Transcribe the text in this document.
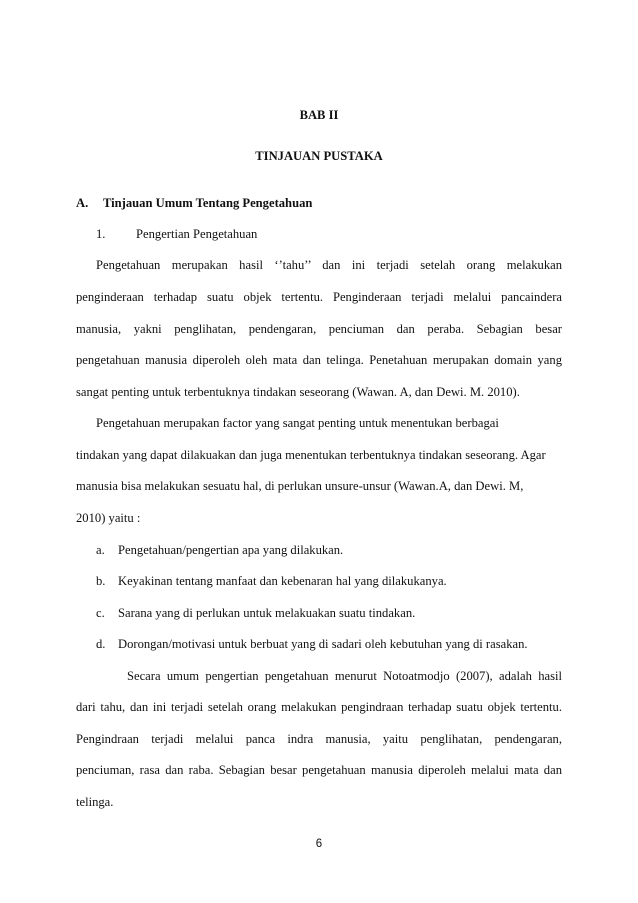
BAB II
TINJAUAN PUSTAKA
A. Tinjauan Umum Tentang Pengetahuan
1. Pengertian Pengetahuan
Pengetahuan merupakan hasil ‘’tahu’’ dan ini terjadi setelah orang melakukan
penginderaan terhadap suatu objek tertentu. Penginderaan terjadi melalui pancaindera
manusia, yakni penglihatan, pendengaran, penciuman dan peraba. Sebagian besar
pengetahuan manusia diperoleh oleh mata dan telinga. Penetahuan merupakan domain yang
sangat penting untuk terbentuknya tindakan seseorang (Wawan. A, dan Dewi. M. 2010).
Pengetahuan merupakan factor yang sangat penting untuk menentukan berbagai
tindakan yang dapat dilakuakan dan juga menentukan terbentuknya tindakan seseorang. Agar
manusia bisa melakukan sesuatu hal, di perlukan unsure-unsur (Wawan.A, dan Dewi. M,
2010) yaitu :
a. Pengetahuan/pengertian apa yang dilakukan.
b. Keyakinan tentang manfaat dan kebenaran hal yang dilakukanya.
c. Sarana yang di perlukan untuk melakuakan suatu tindakan.
d. Dorongan/motivasi untuk berbuat yang di sadari oleh kebutuhan yang di rasakan.
Secara umum pengertian pengetahuan menurut Notoatmodjo (2007), adalah hasil
dari tahu, dan ini terjadi setelah orang melakukan pengindraan terhadap suatu objek tertentu.
Pengindraan terjadi melalui panca indra manusia, yaitu penglihatan, pendengaran,
penciuman, rasa dan raba. Sebagian besar pengetahuan manusia diperoleh melalui mata dan
telinga.
6
